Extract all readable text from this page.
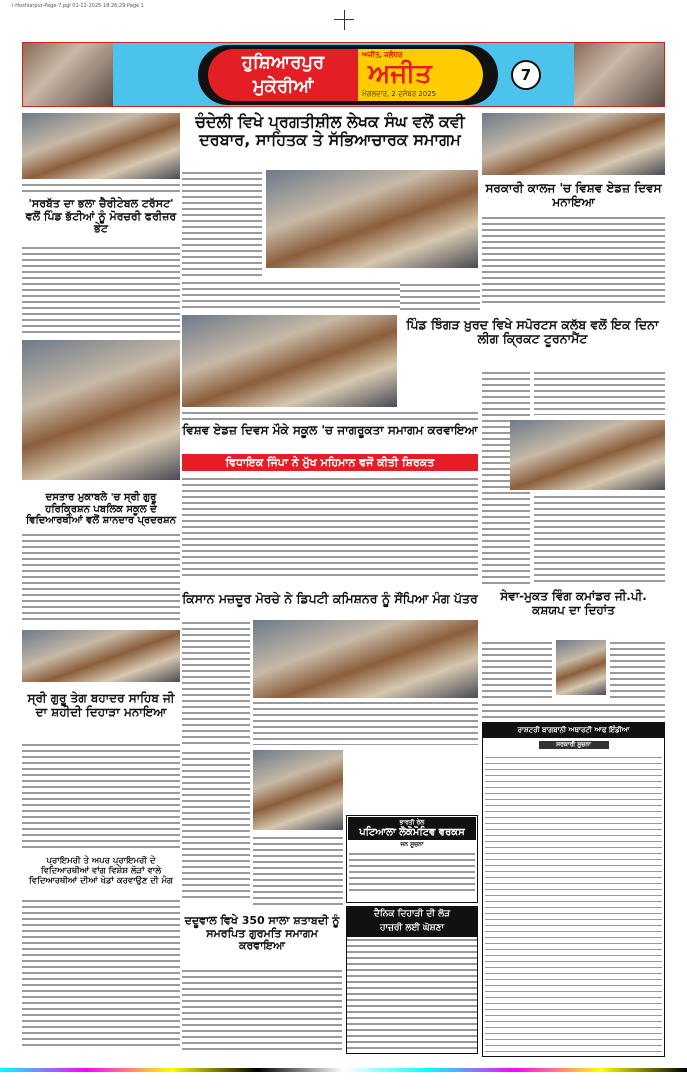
I-Hoshiarpur-Page-7.pgl 01-12-2025 18:26:29 Page 1
ਹੁਸ਼ਿਆਰਪੁਰ
ਮੁਕੇਰੀਆਂ
ਅਜੀਤ, ਜਲੰਧਰ
ਅਜੀਤ
ਮੰਗਲਵਾਰ, 2 ਦਸੰਬਰ 2025
7
'ਸਰਬੱਤ ਦਾ ਭਲਾ ਚੈਰੀਟੇਬਲ ਟਰੱਸਟ' ਵਲੋਂ ਪਿੰਡ ਭੱਟੀਆਂ ਨੂੰ ਮੋਰਚਰੀ ਫਰੀਜ਼ਰ ਭੇਟ
ਦਸਤਾਰ ਮੁਕਾਬਲੇ 'ਚ ਸ੍ਰੀ ਗੁਰੂ ਹਰਿਕ੍ਰਿਸ਼ਨ ਪਬਲਿਕ ਸਕੂਲ ਦੇ ਵਿਦਿਆਰਥੀਆਂ ਵਲੋਂ ਸ਼ਾਨਦਾਰ ਪ੍ਰਦਰਸ਼ਨ
ਸ੍ਰੀ ਗੁਰੂ ਤੇਗ ਬਹਾਦਰ ਸਾਹਿਬ ਜੀ ਦਾ ਸ਼ਹੀਦੀ ਦਿਹਾੜਾ ਮਨਾਇਆ
ਪ੍ਰਾਇਮਰੀ ਤੇ ਅਪਰ ਪ੍ਰਾਇਮਰੀ ਦੇ ਵਿਦਿਆਰਥੀਆਂ ਵਾਂਗ ਵਿਸ਼ੇਸ਼ ਲੋੜਾਂ ਵਾਲੇ ਵਿਦਿਆਰਥੀਆਂ ਦੀਆਂ ਖੇਡਾਂ ਕਰਵਾਉਣ ਦੀ ਮੰਗ
ਚੰਦੇਲੀ ਵਿਖੇ ਪ੍ਰਗਤੀਸ਼ੀਲ ਲੇਖਕ ਸੰਘ ਵਲੋਂ ਕਵੀ ਦਰਬਾਰ, ਸਾਹਿਤਕ ਤੇ ਸੱਭਿਆਚਾਰਕ ਸਮਾਗਮ
ਵਿਸ਼ਵ ਏਡਜ਼ ਦਿਵਸ ਮੌਕੇ ਸਕੂਲ 'ਚ ਜਾਗਰੂਕਤਾ ਸਮਾਗਮ ਕਰਵਾਇਆ
ਵਿਧਾਇਕ ਜਿੰਪਾ ਨੇ ਮੁੱਖ ਮਹਿਮਾਨ ਵਜੋਂ ਕੀਤੀ ਸ਼ਿਰਕਤ
ਕਿਸਾਨ ਮਜ਼ਦੂਰ ਮੋਰਚੇ ਨੇ ਡਿਪਟੀ ਕਮਿਸ਼ਨਰ ਨੂੰ ਸੌਂਪਿਆ ਮੰਗ ਪੱਤਰ
ਦਦੂਵਾਲ ਵਿਖੇ 350 ਸਾਲਾ ਸ਼ਤਾਬਦੀ ਨੂੰ ਸਮਰਪਿਤ ਗੁਰਮਤਿ ਸਮਾਗਮ ਕਰਵਾਇਆ
ਭਾਰਤੀ ਰੇਲ
ਪਟਿਆਲਾ ਲੋਕੋਮੋਟਿਵ ਵਰਕਸ
ਜਨ ਸੂਚਨਾ
ਦੈਨਿਕ ਦਿਹਾੜੀ ਦੀ ਲੋੜ
ਹਾਜ਼ਰੀ ਲਈ ਘੋਸ਼ਣਾ
ਸਰਕਾਰੀ ਕਾਲਜ 'ਚ ਵਿਸ਼ਵ ਏਡਜ਼ ਦਿਵਸ ਮਨਾਇਆ
ਪਿੰਡ ਝਿੰਗੜ ਖ਼ੁਰਦ ਵਿਖੇ ਸਪੋਰਟਸ ਕਲੱਬ ਵਲੋਂ ਇਕ ਦਿਨਾ ਲੀਗ ਕ੍ਰਿਕਟ ਟੂਰਨਾਮੈਂਟ
ਸੇਵਾ-ਮੁਕਤ ਵਿੰਗ ਕਮਾਂਡਰ ਜੀ.ਪੀ. ਕਸ਼ਯਪ ਦਾ ਦਿਹਾਂਤ
ਰਾਸ਼ਟਰੀ ਬਾਗਬਾਨੀ ਅਥਾਰਟੀ ਆਫ ਇੰਡੀਆ
ਸਰਕਾਰੀ ਸੂਚਨਾ
